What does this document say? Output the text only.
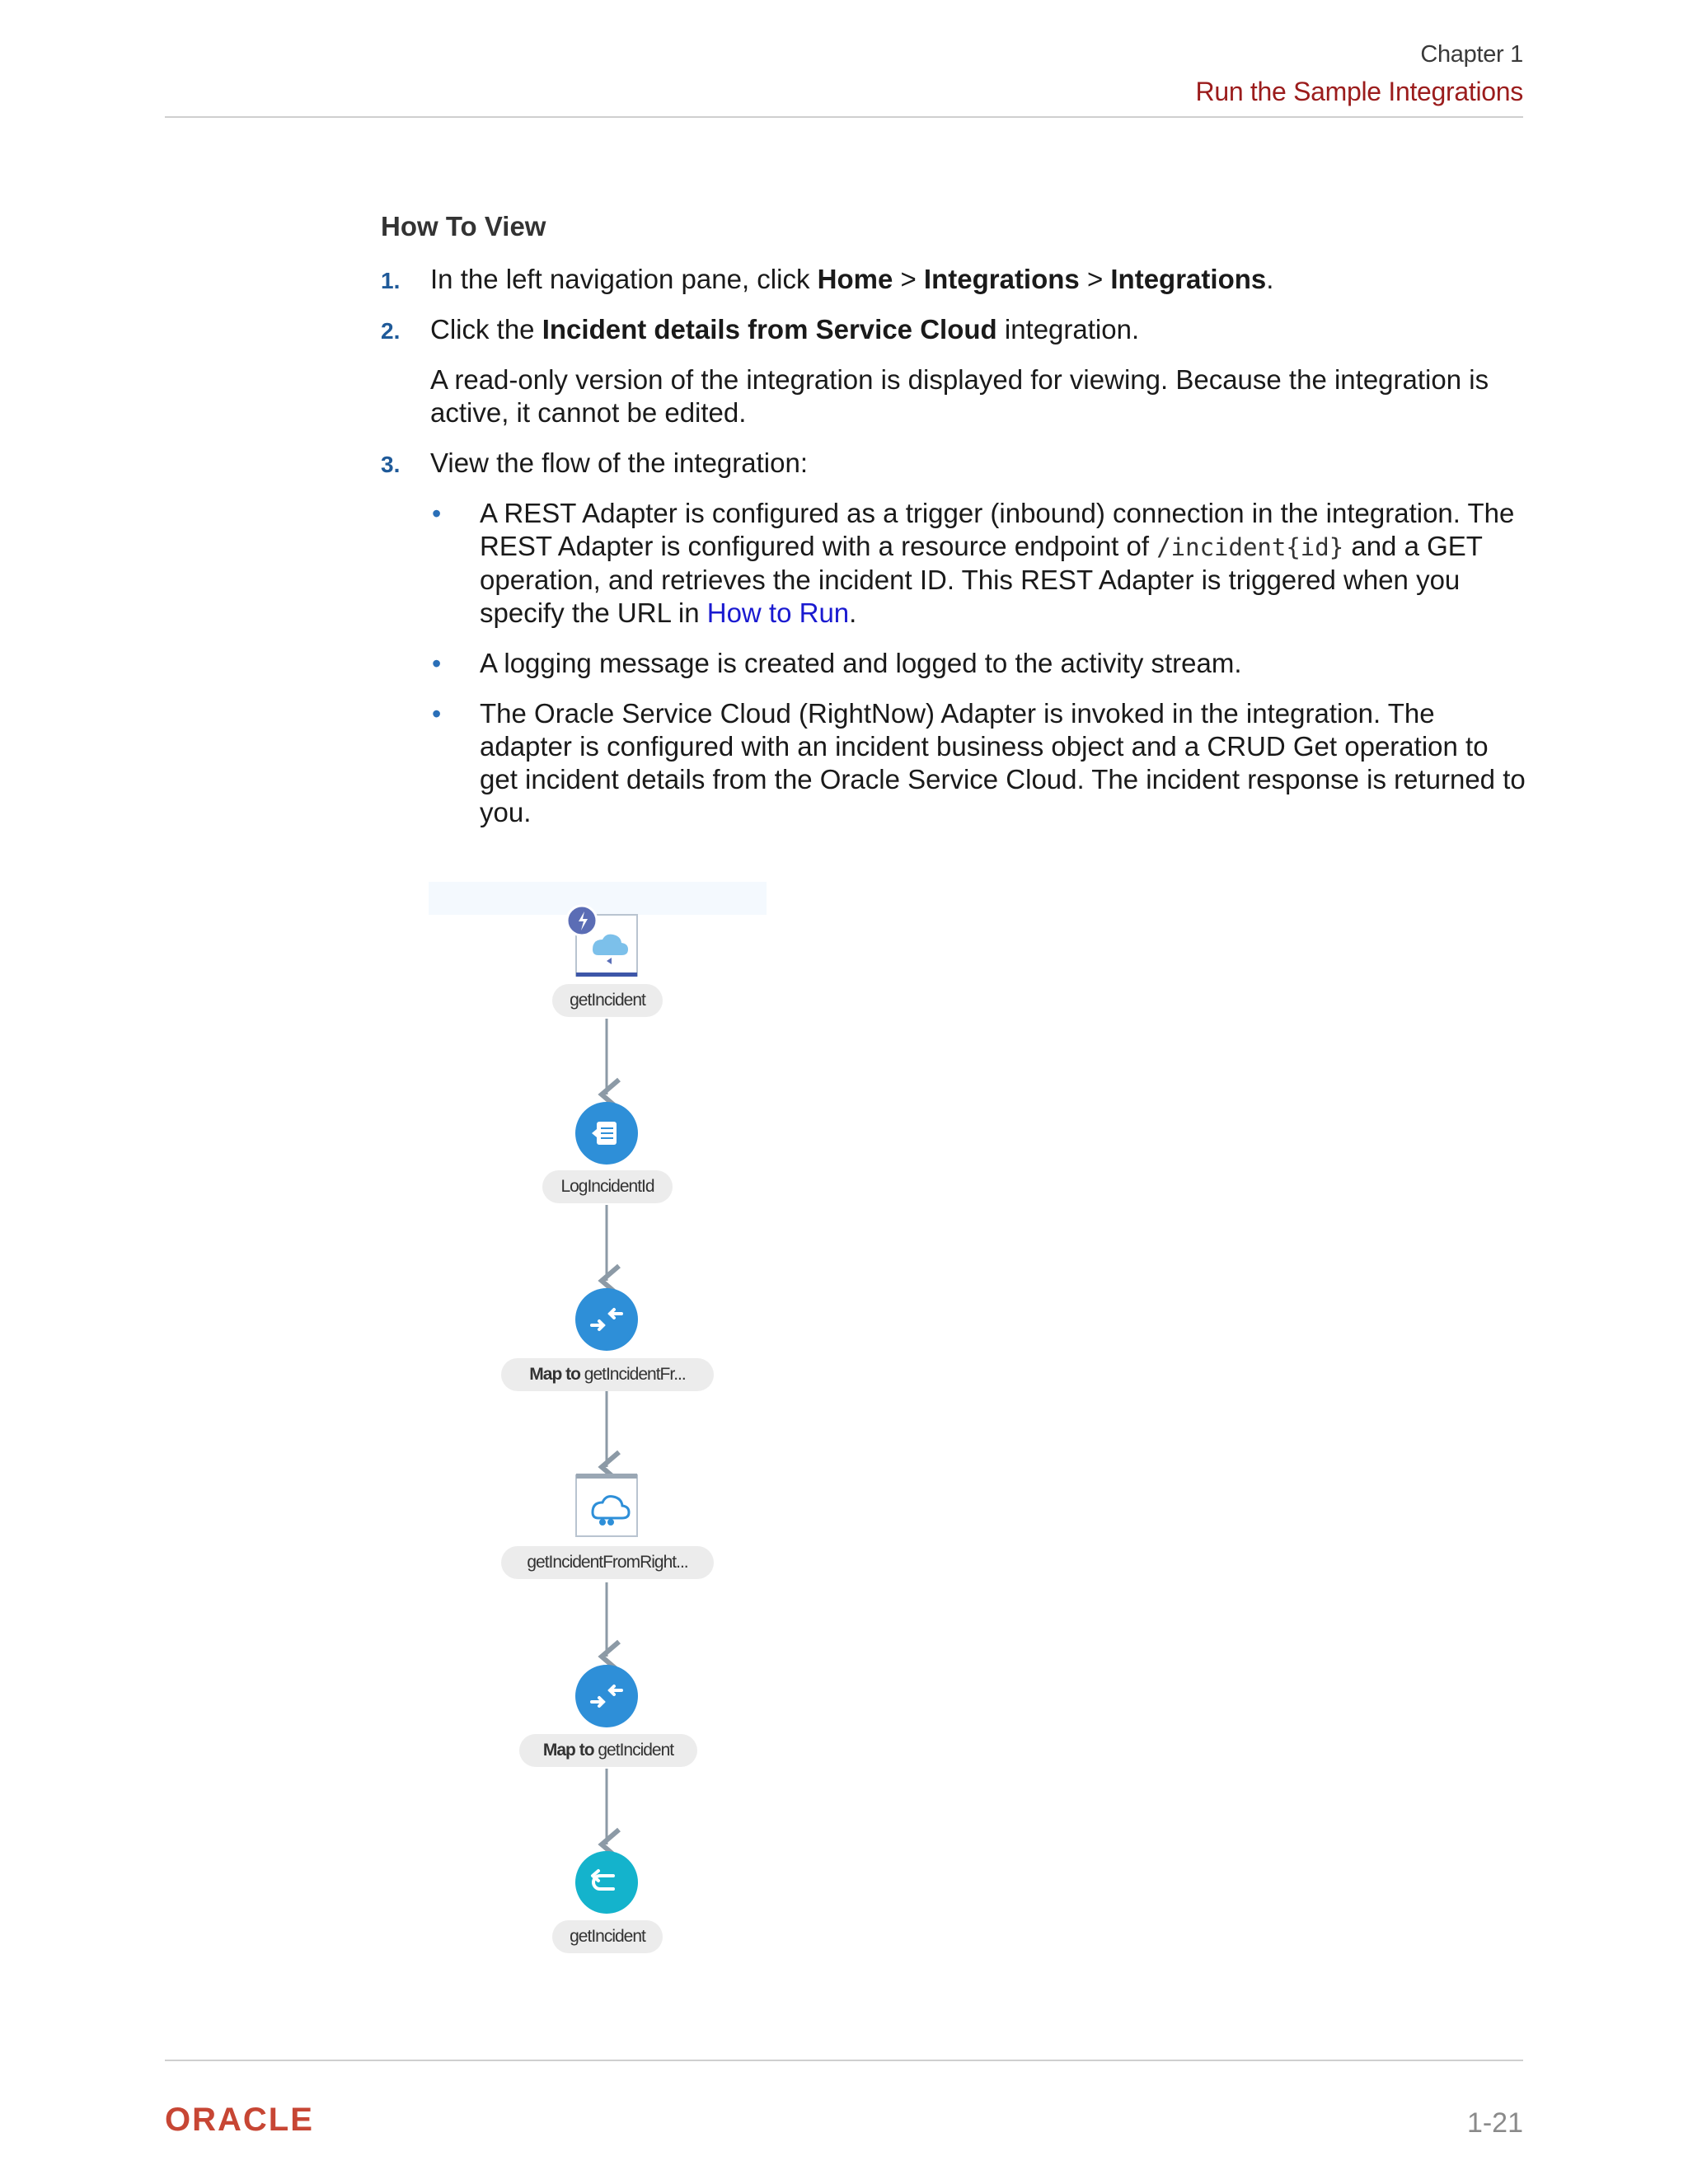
Chapter 1
Run the Sample Integrations
How To View
1. In the left navigation pane, click Home > Integrations > Integrations.
2. Click the Incident details from Service Cloud integration.
A read-only version of the integration is displayed for viewing. Because the integration is active, it cannot be edited.
3. View the flow of the integration:
• A REST Adapter is configured as a trigger (inbound) connection in the integration. The REST Adapter is configured with a resource endpoint of /incident{id} and a GET operation, and retrieves the incident ID. This REST Adapter is triggered when you specify the URL in How to Run.
• A logging message is created and logged to the activity stream.
• The Oracle Service Cloud (RightNow) Adapter is invoked in the integration. The adapter is configured with an incident business object and a CRUD Get operation to get incident details from the Oracle Service Cloud. The incident response is returned to you.
getIncident
LogIncidentId
Map to getIncidentFr...
getIncidentFromRight...
Map to getIncident
getIncident
ORACLE	1-21
